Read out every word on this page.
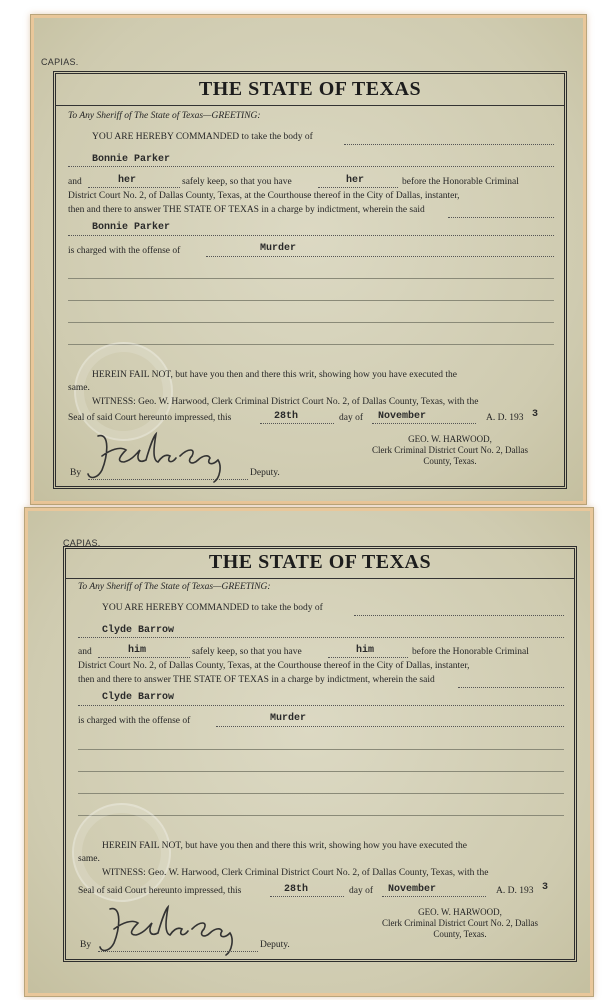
CAPIAS.
THE STATE OF TEXAS
To Any Sheriff of The State of Texas—GREETING:
YOU ARE HEREBY COMMANDED to take the body of
Bonnie Parker
and	her	safely keep, so that you have	her	before the Honorable Criminal
District Court No. 2, of Dallas County, Texas, at the Courthouse thereof in the City of Dallas, instanter,
then and there to answer THE STATE OF TEXAS in a charge by indictment, wherein the said
Bonnie Parker
is charged with the offense of	Murder
HEREIN FAIL NOT, but have you then and there this writ, showing how you have executed the
same.
WITNESS: Geo. W. Harwood, Clerk Criminal District Court No. 2, of Dallas County, Texas, with the
Seal of said Court hereunto impressed, this	28th	day of November	A. D. 193 3
GEO. W. HARWOOD,
Clerk Criminal District Court No. 2, Dallas
County, Texas.
By	Deputy.
CAPIAS.
THE STATE OF TEXAS
To Any Sheriff of The State of Texas—GREETING:
YOU ARE HEREBY COMMANDED to take the body of
Clyde Barrow
and	him	safely keep, so that you have	him	before the Honorable Criminal
District Court No. 2, of Dallas County, Texas, at the Courthouse thereof in the City of Dallas, instanter,
then and there to answer THE STATE OF TEXAS in a charge by indictment, wherein the said
Clyde Barrow
is charged with the offense of	Murder
HEREIN FAIL NOT, but have you then and there this writ, showing how you have executed the
same.
WITNESS: Geo. W. Harwood, Clerk Criminal District Court No. 2, of Dallas County, Texas, with the
Seal of said Court hereunto impressed, this	28th	day of November	A. D. 193 3
GEO. W. HARWOOD,
Clerk Criminal District Court No. 2, Dallas
County, Texas.
By	Deputy.
